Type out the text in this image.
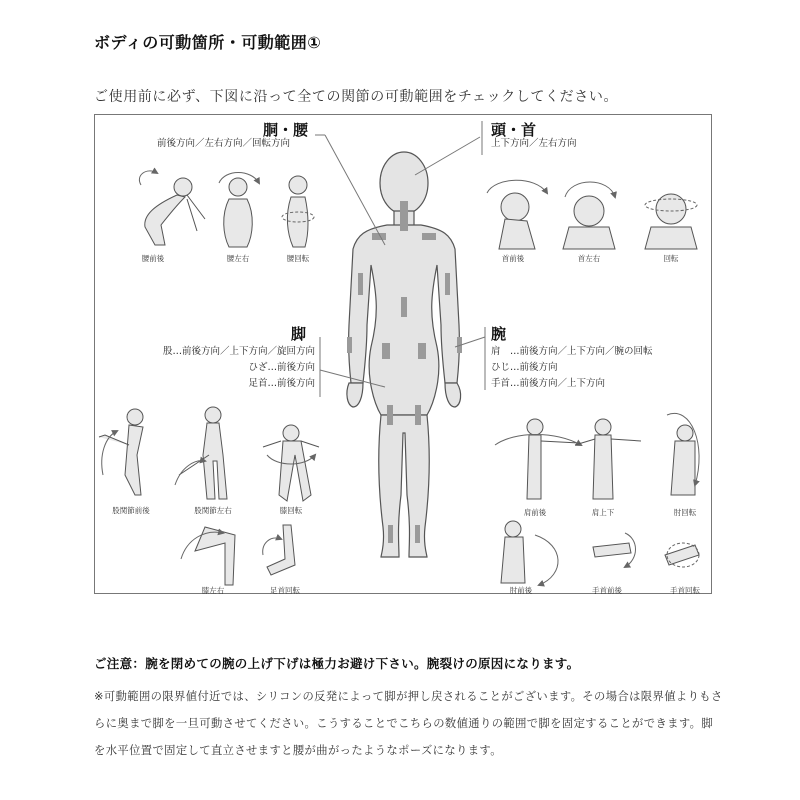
ボディの可動箇所・可動範囲①
ご使用前に必ず、下図に沿って全ての関節の可動範囲をチェックしてください。
胴・腰
前後方向／左右方向／回転方向
腰前後	腰左右	腰回転
頭・首
上下方向／左右方向
首前後	首左右	回転
脚
股…前後方向／上下方向／旋回方向
ひざ…前後方向
足首…前後方向
股関節前後	股関節左右	膝回転
膝左右	足首回転
腕
肩　…前後方向／上下方向／腕の回転
ひじ…前後方向
手首…前後方向／上下方向
肩前後	肩上下	肘回転
肘前後	手首前後	手首回転
ご注意：腕を閉めての腕の上げ下げは極力お避け下さい。腕裂けの原因になります。
※可動範囲の限界値付近では、シリコンの反発によって脚が押し戻されることがございます。その場合は限界値よりもさらに奥まで脚を一旦可動させてください。こうすることでこちらの数値通りの範囲で脚を固定することができます。脚を水平位置で固定して直立させますと腰が曲がったようなポーズになります。
